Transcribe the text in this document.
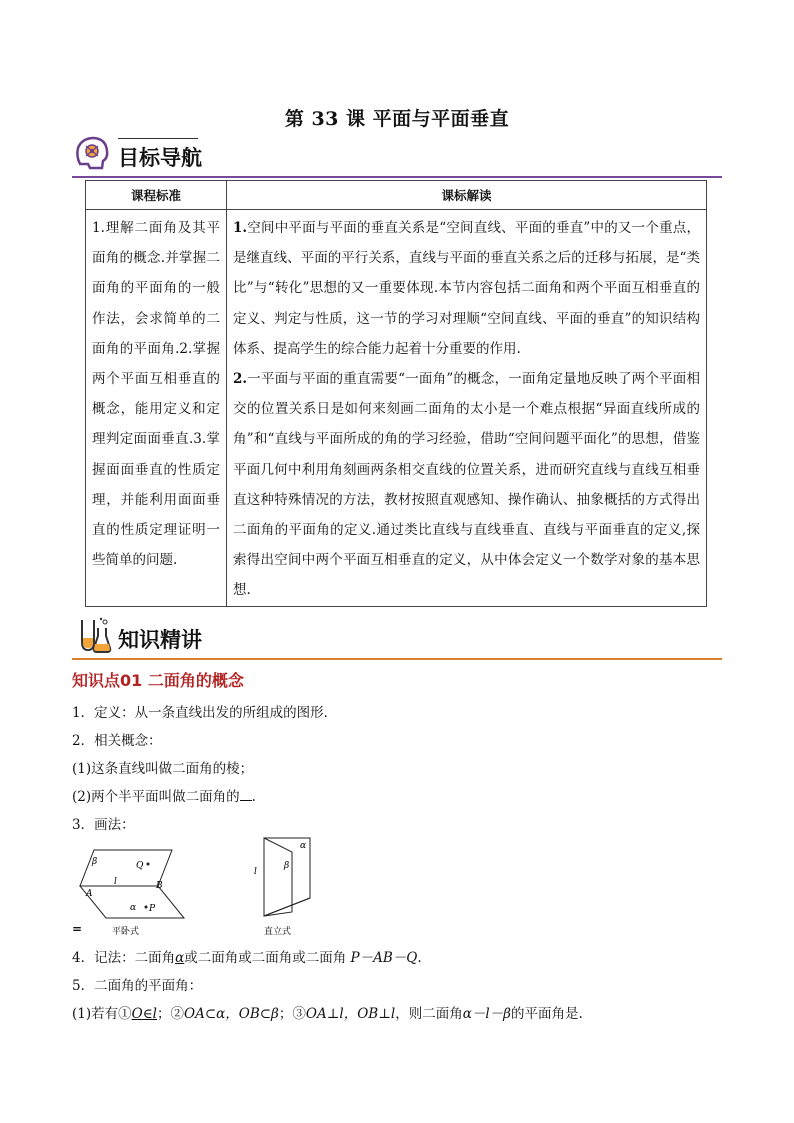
第 33 课 平面与平面垂直
目标导航
课程标准	课标解读
1.理解二面角及其平面角的概念.并掌握二面角的平面角的一般作法，会求简单的二面角的平面角.2.掌握两个平面互相垂直的概念，能用定义和定理判定面面垂直.3.掌握面面垂直的性质定理，并能利用面面垂直的性质定理证明一些简单的问题.	1.空间中平面与平面的垂直关系是“空间直线、平面的垂直”中的又一个重点，是继直线、平面的平行关系，直线与平面的垂直关系之后的迁移与拓展，是“类比”与“转化”思想的又一重要体现.本节内容包括二面角和两个平面互相垂直的定义、判定与性质，这一节的学习对理顺“空间直线、平面的垂直”的知识结构体系、提高学生的综合能力起着十分重要的作用.
2.一平面与平面的重直需要“一面角”的概念，一面角定量地反映了两个平面相交的位置关系日是如何来刻画二面角的太小是一个难点根据“异面直线所成的角”和“直线与平面所成的角的学习经验，借助“空间问题平面化”的思想，借鉴平面几何中利用角刻画两条相交直线的位置关系，进而研究直线与直线互相垂直这种特殊情况的方法，教材按照直观感知、操作确认、抽象概括的方式得出二面角的平面角的定义.通过类比直线与直线垂直、直线与平面垂直的定义,探索得出空间中两个平面互相垂直的定义，从中体会定义一个数学对象的基本思想.
知识精讲
知识点01 二面角的概念
1．定义：从一条直线出发的所组成的图形．
2．相关概念：
(1)这条直线叫做二面角的棱；
(2)两个半平面叫做二面角的 .
3．画法：
β	Q
A
l	B
α P
平卧式
α
β
l
直立式
=
4．记法：二面角α或二面角或二面角或二面角 P－AB－Q.
5．二面角的平面角：
(1)若有①O∈l；②OA⊂α，OB⊂β；③OA⊥l，OB⊥l，则二面角α－l－β的平面角是.
